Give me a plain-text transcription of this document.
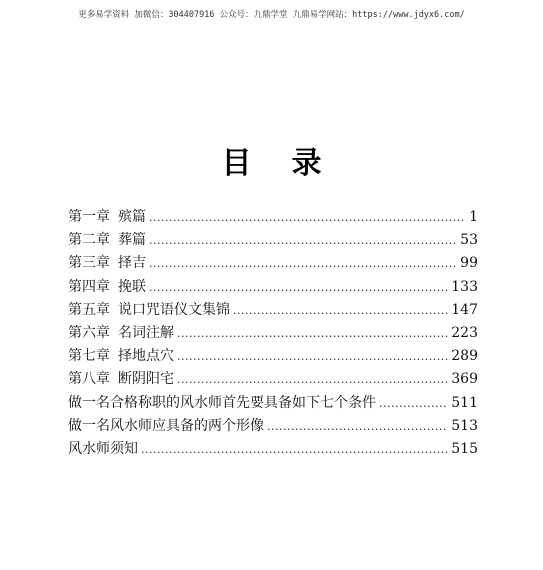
更多易学资料 加微信：304407916 公众号：九鼎学堂 九鼎易学网站：https://www.jdyx6.com/
目录
第一章 殡篇 .....	1
第二章 葬篇 .....	53
第三章 择吉 .....	99
第四章 挽联 .....	133
第五章 说口咒语仪文集锦 .....	147
第六章 名词注解 .....	223
第七章 择地点穴 .....	289
第八章 断阴阳宅 .....	369
做一名合格称职的风水师首先要具备如下七个条件 .....	511
做一名风水师应具备的两个形像 .....	513
风水师须知 .....	515
